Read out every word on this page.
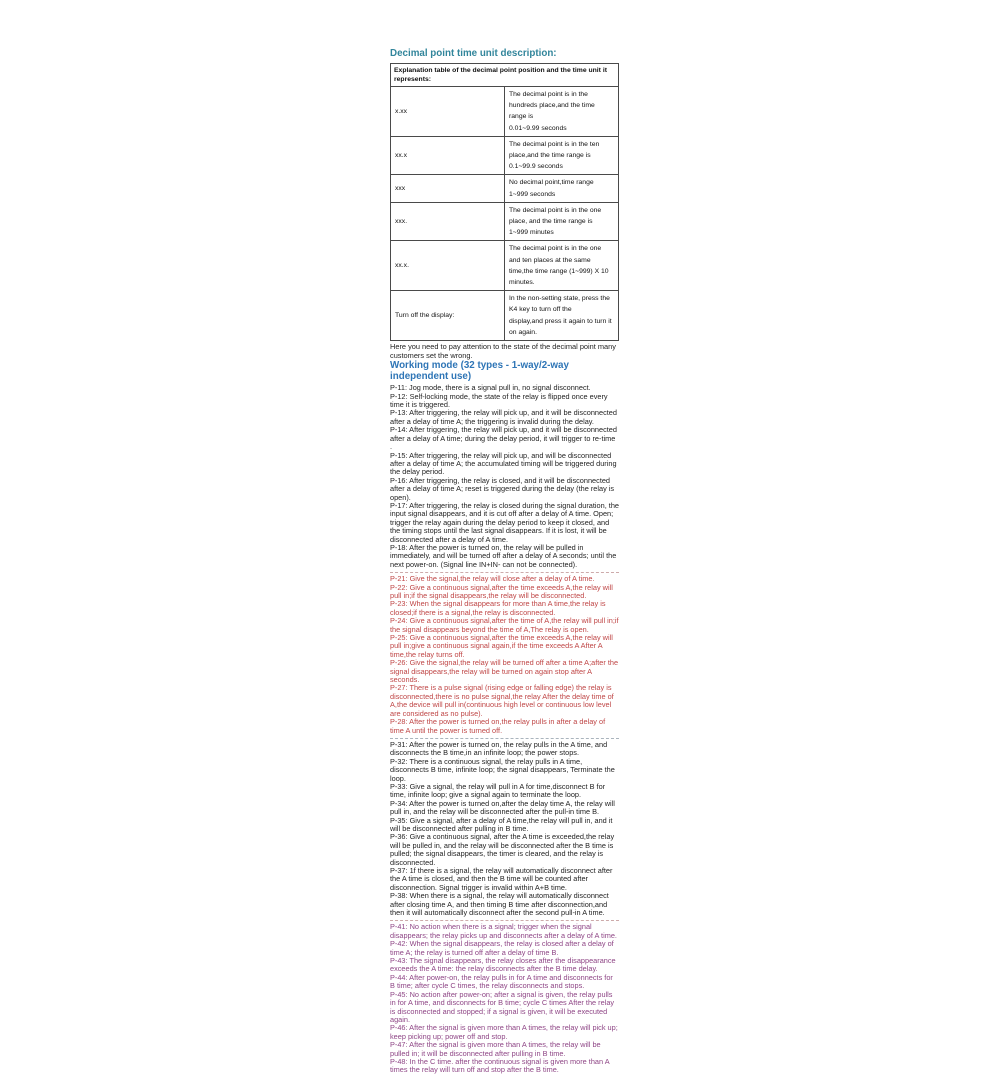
Decimal point time unit description:
Explanation table of the decimal point position and the time unit it represents:	
x.xx	The decimal point is in the hundreds place,and the time range is
0.01~9.99 seconds

xx.x	The decimal point is in the ten place,and the time range is
0.1~99.9 seconds

xxx	No decimal point,time range 1~999 seconds

xxx.	The decimal point is in the one place, and the time range is
1~999 minutes

xx.x.	The decimal point is in the one and ten places at the same
time,the time range (1~999) X 10 minutes.

Turn off the display:	In the non-setting state, press the K4 key to turn off the
display,and press it again to turn it on again.

Here you need to pay attention to the state of the decimal point many customers set the wrong.

Working mode (32 types - 1-way/2-way independent use)

P-11: Jog mode, there is a signal pull in, no signal disconnect.

P-12: Self-locking mode, the state of the relay is flipped once every time it is triggered.

P-13: After triggering, the relay will pick up, and it will be disconnected after a delay of time A; the triggering is invalid during the delay.

P-14: After triggering, the relay will pick up, and it will be disconnected after a delay of A time; during the delay period, it will trigger to re-time .

P-15: After triggering, the relay will pick up, and will be disconnected after a delay of time A; the accumulated timing will be triggered during the delay period.

P-16: After triggering, the relay is closed, and it will be disconnected after a delay of time A; reset is triggered during the delay (the relay is open).

P-17: After triggering, the relay is closed during the signal duration, the input signal disappears, and it is cut off after a delay of A time. Open; trigger the relay again during the delay period to keep it closed, and the timing stops until the last signal disappears. If it is lost, it will be disconnected after a delay of A time.

P-18: After the power is turned on, the relay will be pulled in immediately, and will be turned off after a delay of A seconds; until the next power-on. (Signal line IN+IN- can not be connected).

P-21: Give the signal,the relay will close after a delay of A time.

P-22: Give a continuous signal,after the time exceeds A,the relay will pull in;if the signal disappears,the relay will be disconnected.

P-23: When the signal disappears for more than A time,the relay is closed;if there is a signal,the relay is disconnected.

P-24: Give a continuous signal,after the time of A,the relay will pull in;if the signal disappears beyond the time of A,The relay is open.

P-25: Give a continuous signal,after the time exceeds A,the relay will pull in;give a continuous signal again,if the time exceeds A After A time,the relay turns off.

P-26: Give the signal,the relay will be turned off after a time A;after the signal disappears,the relay will be turned on again stop after A seconds.

P-27: There is a pulse signal (rising edge or falling edge) the relay is disconnected,there is no pulse signal,the relay After the delay time of A,the device will pull in(continuous high level or continuous low level are considered as no pulse).

P-28: After the power is turned on,the relay pulls in after a delay of time A until the power is turned off.

P-31: After the power is turned on, the relay pulls in the A time, and disconnects the B time,in an infinite loop; the power stops.

P-32: There is a continuous signal, the relay pulls in A time, disconnects B time, infinite loop; the signal disappears, Terminate the loop.

P-33: Give a signal, the relay will pull in A for time,disconnect B for time, infinite loop; give a signal again to terminate the loop.

P-34: After the power is turned on,after the delay time A, the relay will pull in, and the relay will be disconnected after the pull-in time B.

P-35: Give a signal, after a delay of A time,the relay will pull in, and it will be disconnected after pulling in B time.

P-36: Give a continuous signal, after the A time is exceeded,the relay will be pulled in, and the relay will be disconnected after the B time is pulled; the signal disappears, the timer is cleared, and the relay is disconnected.

P-37: 1f there is a signal, the relay will automatically disconnect after the A time is closed, and then the B time will be counted after disconnection. Signal trigger is invalid within A+B time.

P-38: When there is a signal, the relay will automatically disconnect after closing time A, and then timing B time after disconnection,and then it will automatically disconnect after the second pull-in A time.

P-41: No action when there is a signal; trigger when the signal disappears; the relay picks up and disconnects after a delay of A time.

P-42: When the signal disappears, the relay is closed after a delay of time A; the relay is turned off after a delay of time B.

P-43: The signal disappears, the relay closes after the disappearance exceeds the A time: the relay disconnects after the B time delay.

P-44: After power-on, the relay pulls in for A time and disconnects for B time; after cycle C times, the relay disconnects and stops.

P-45: No action after power-on; after a signal is given, the relay pulls in for A time, and disconnects for B time; cycle C times After the relay is disconnected and stopped; if a signal is given, it will be executed again.

P-46: After the signal is given more than A times, the relay will pick up; keep picking up; power off and stop.

P-47: After the signal is given more than A times, the relay will be pulled in; it will be disconnected after pulling in B time.

P-48: In the C time. after the continuous signal is given more than A times the relay will turn off and stop after the B time.
